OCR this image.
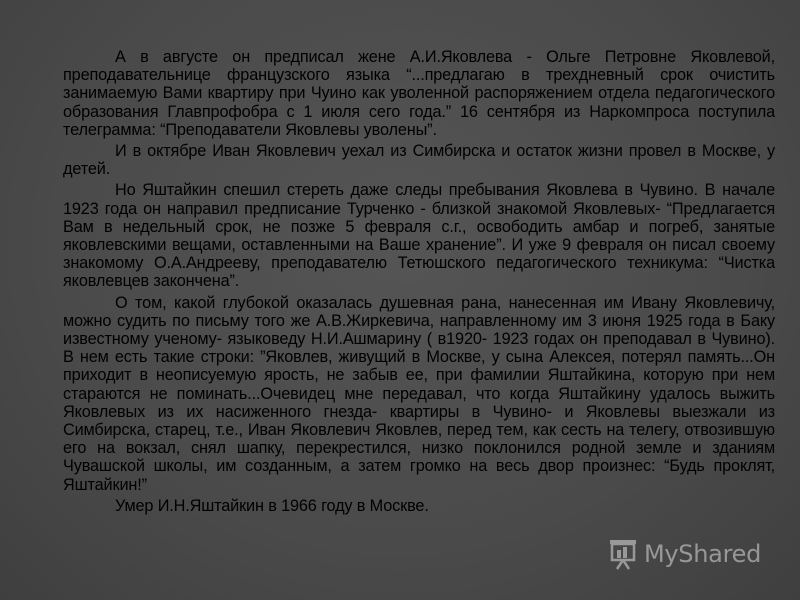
А в августе он предписал жене А.И.Яковлева - Ольге Петровне Яковлевой, преподавательнице французского языка “...предлагаю в трехдневный срок очистить занимаемую Вами квартиру при Чуино как уволенной распоряжением отдела педагогического образования Главпрофобра с 1 июля сего года.” 16 сентября из Наркомпроса поступила телеграмма: “Преподаватели Яковлевы уволены”.

И в октябре Иван Яковлевич уехал из Симбирска и остаток жизни провел в Москве, у детей.

Но Яштайкин спешил стереть даже следы пребывания Яковлева в Чувино. В начале 1923 года он направил предписание Турченко - близкой знакомой Яковлевых- “Предлагается Вам в недельный срок, не позже 5 февраля с.г., освободить амбар и погреб, занятые яковлевскими вещами, оставленными на Ваше хранение”. И уже 9 февраля он писал своему знакомому О.А.Андрееву, преподавателю Тетюшского педагогического техникума: “Чистка яковлевцев закончена”.

О том, какой глубокой оказалась душевная рана, нанесенная им Ивану Яковлевичу, можно судить по письму того же А.В.Жиркевича, направленному им 3 июня 1925 года в Баку известному ученому- языковеду Н.И.Ашмарину ( в1920- 1923 годах он преподавал в Чувино). В нем есть такие строки: ”Яковлев, живущий в Москве, у сына Алексея, потерял память...Он приходит в неописуемую ярость, не забыв ее, при фамилии Яштайкина, которую при нем стараются не поминать...Очевидец мне передавал, что когда Яштайкину удалось выжить Яковлевых из их насиженного гнезда- квартиры в Чувино- и Яковлевы выезжали из Симбирска, старец, т.е., Иван Яковлевич Яковлев, перед тем, как сесть на телегу, отвозившую его на вокзал, снял шапку, перекрестился, низко поклонился родной земле и зданиям Чувашской школы, им созданным, а затем громко на весь двор произнес: “Будь проклят, Яштайкин!”

Умер И.Н.Яштайкин в 1966 году в Москве.

MyShared
